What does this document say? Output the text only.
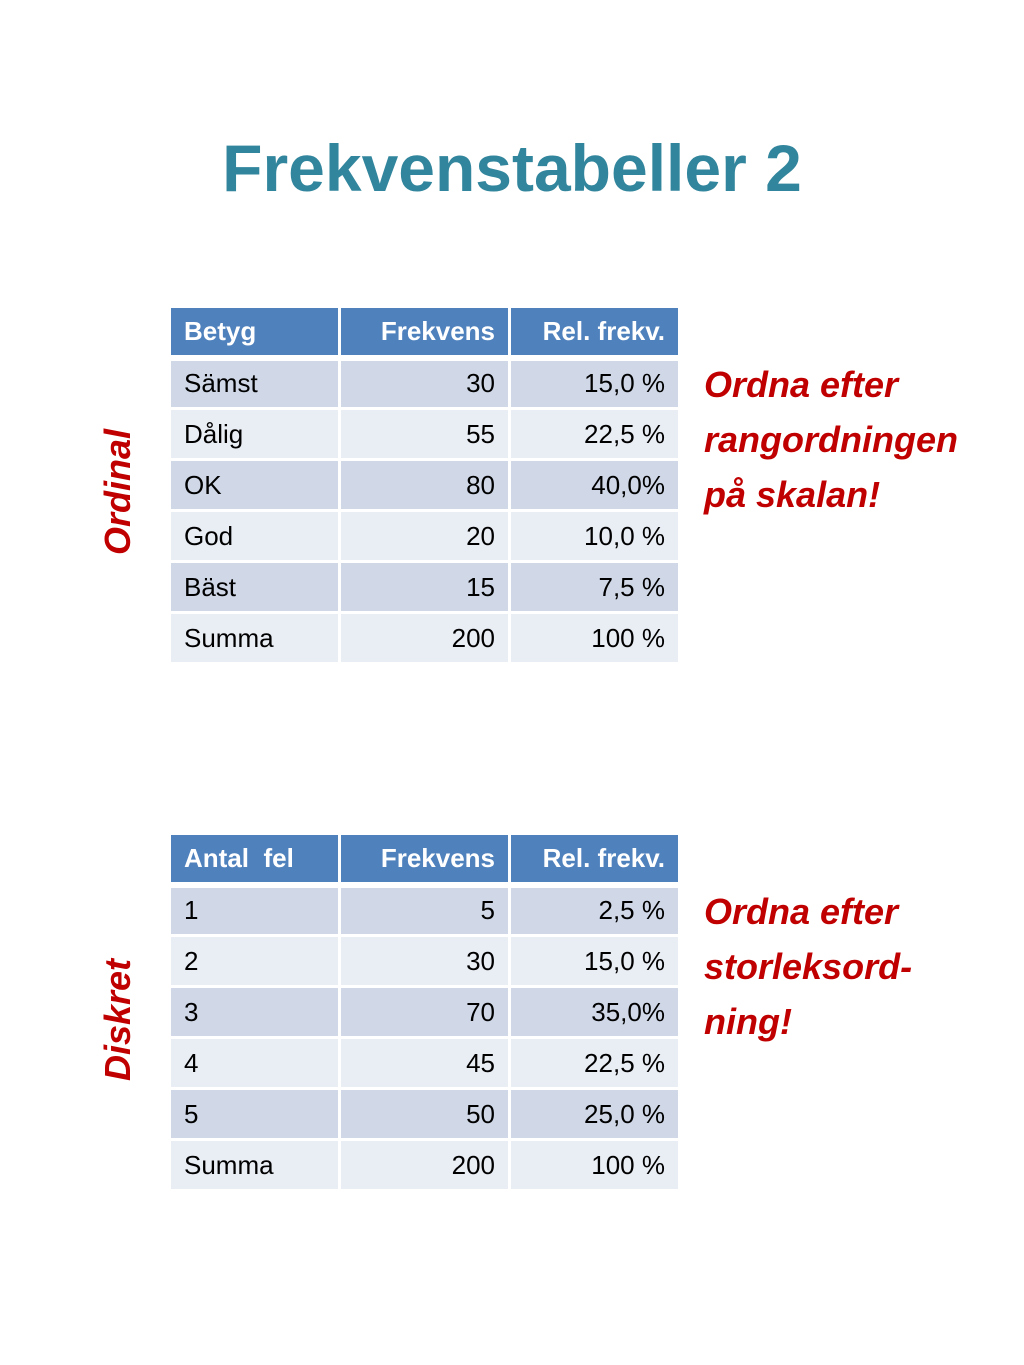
Frekvenstabeller 2
Ordinal
Betyg	Frekvens	Rel. frekv.
Sämst	30	15,0 %
Dålig	55	22,5 %
OK	80	40,0%
God	20	10,0 %
Bäst	15	7,5 %
Summa	200	100 %

Ordna efter
rangordningen
på skalan!

Diskret
Antal  fel	Frekvens	Rel. frekv.
1	5	2,5 %
2	30	15,0 %
3	70	35,0%
4	45	22,5 %
5	50	25,0 %
Summa	200	100 %

Ordna efter
storleksord-
ning!
